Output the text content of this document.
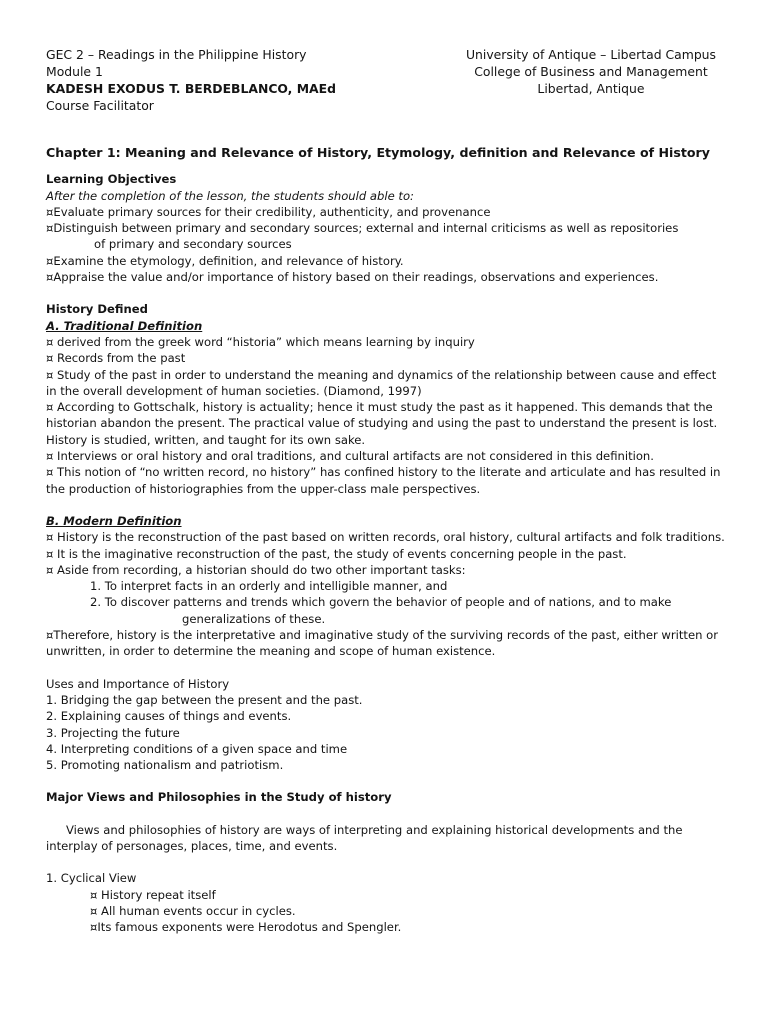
GEC 2 – Readings in the Philippine History
Module 1
KADESH EXODUS T. BERDEBLANCO, MAEd
Course Facilitator
University of Antique – Libertad Campus
College of Business and Management
Libertad, Antique

Chapter 1: Meaning and Relevance of History, Etymology, definition and Relevance of History

Learning Objectives

After the completion of the lesson, the students should able to:

¤Evaluate primary sources for their credibility, authenticity, and provenance

¤Distinguish between primary and secondary sources; external and internal criticisms as well as repositories

of primary and secondary sources

¤Examine the etymology, definition, and relevance of history.

¤Appraise the value and/or importance of history based on their readings, observations and experiences.

History Defined

A. Traditional Definition

¤ derived from the greek word “historia” which means learning by inquiry

¤ Records from the past

¤ Study of the past in order to understand the meaning and dynamics of the relationship between cause and effect in the overall development of human societies. (Diamond, 1997)

¤ According to Gottschalk, history is actuality; hence it must study the past as it happened. This demands that the historian abandon the present. The practical value of studying and using the past to understand the present is lost. History is studied, written, and taught for its own sake.

¤ Interviews or oral history and oral traditions, and cultural artifacts are not considered in this definition.

¤ This notion of “no written record, no history” has confined history to the literate and articulate and has resulted in the production of historiographies from the upper-class male perspectives.

B. Modern Definition

¤ History is the reconstruction of the past based on written records, oral history, cultural artifacts and folk traditions.

¤ It is the imaginative reconstruction of the past, the study of events concerning people in the past.

¤ Aside from recording, a historian should do two other important tasks:

1. To interpret facts in an orderly and intelligible manner, and

2. To discover patterns and trends which govern the behavior of people and of nations, and to make

generalizations of these.

¤Therefore, history is the interpretative and imaginative study of the surviving records of the past, either written or unwritten, in order to determine the meaning and scope of human existence.

Uses and Importance of History

1. Bridging the gap between the present and the past.

2. Explaining causes of things and events.

3. Projecting the future

4. Interpreting conditions of a given space and time

5. Promoting nationalism and patriotism.

Major Views and Philosophies in the Study of history

Views and philosophies of history are ways of interpreting and explaining historical developments and the interplay of personages, places, time, and events.

1. Cyclical View

¤ History repeat itself

¤ All human events occur in cycles.

¤Its famous exponents were Herodotus and Spengler.
